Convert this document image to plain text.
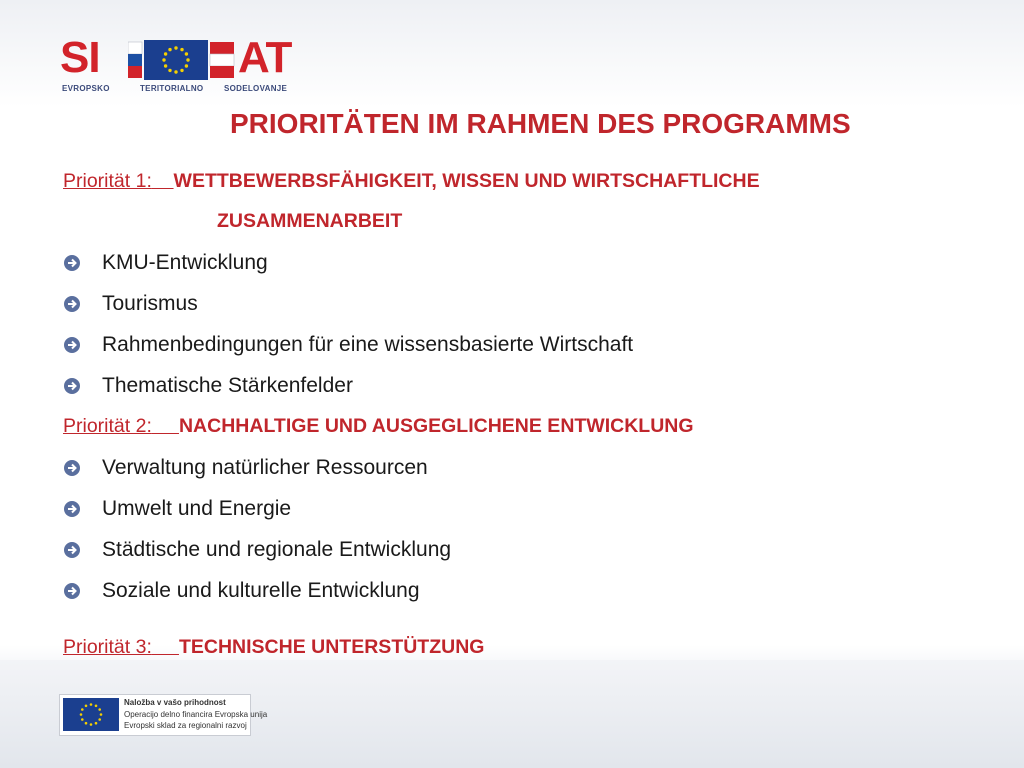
SI	AT
EVROPSKO	TERITORIALNO	SODELOVANJE
PRIORITÄTEN IM RAHMEN DES PROGRAMMS
Priorität 1: WETTBEWERBSFÄHIGKEIT, WISSEN UND WIRTSCHAFTLICHE
ZUSAMMENARBEIT
KMU-Entwicklung
Tourismus
Rahmenbedingungen für eine wissensbasierte Wirtschaft
Thematische Stärkenfelder
Priorität 2: NACHHALTIGE UND AUSGEGLICHENE ENTWICKLUNG
Verwaltung natürlicher Ressourcen
Umwelt und Energie
Städtische und regionale Entwicklung
Soziale und kulturelle Entwicklung
Priorität 3: TECHNISCHE UNTERSTÜTZUNG
Naložba v vašo prihodnost
Operacijo delno financira Evropska unija
Evropski sklad za regionalni razvoj
